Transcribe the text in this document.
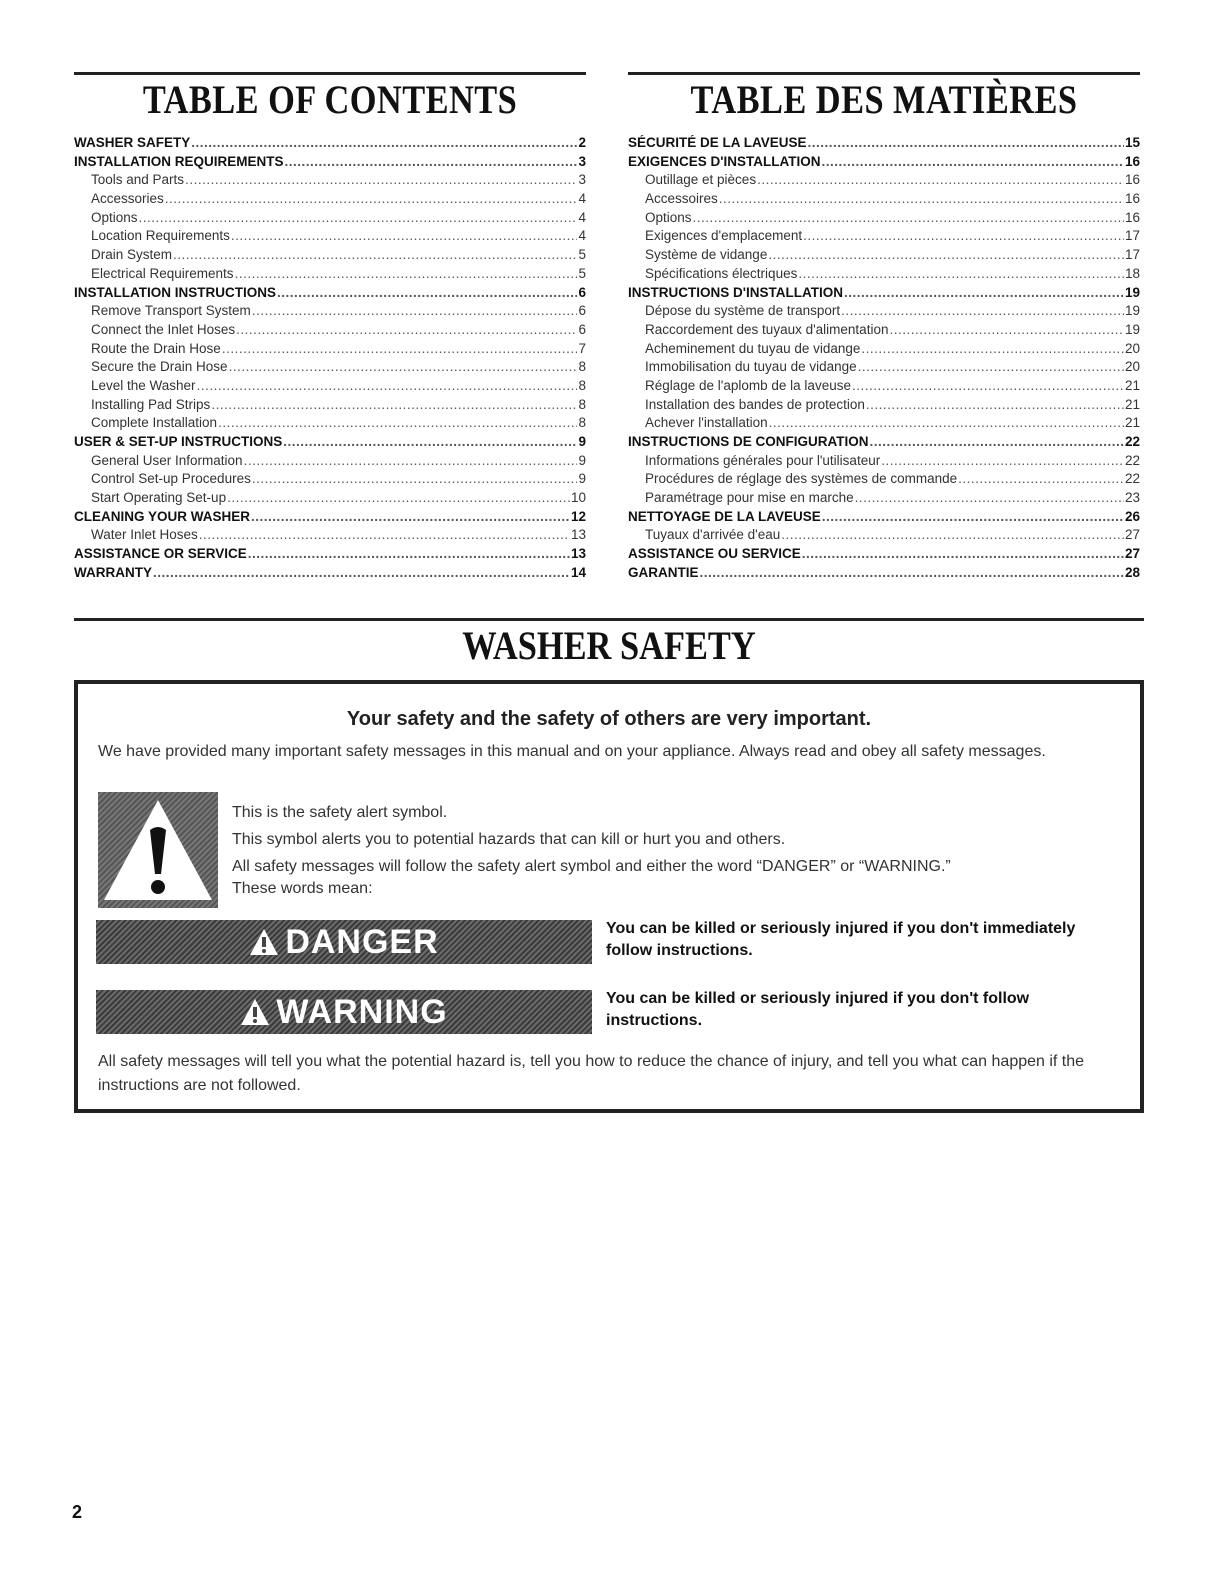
TABLE OF CONTENTS
WASHER SAFETY .....	2
INSTALLATION REQUIREMENTS .....	3
Tools and Parts .....	3
Accessories .....	4
Options .....	4
Location Requirements .....	4
Drain System .....	5
Electrical Requirements .....	5
INSTALLATION INSTRUCTIONS .....	6
Remove Transport System .....	6
Connect the Inlet Hoses .....	6
Route the Drain Hose .....	7
Secure the Drain Hose .....	8
Level the Washer .....	8
Installing Pad Strips .....	8
Complete Installation .....	8
USER & SET-UP INSTRUCTIONS .....	9
General User Information .....	9
Control Set-up Procedures .....	9
Start Operating Set-up .....	10
CLEANING YOUR WASHER .....	12
Water Inlet Hoses .....	13
ASSISTANCE OR SERVICE .....	13
WARRANTY .....	14
TABLE DES MATIÈRES
SÉCURITÉ DE LA LAVEUSE .....	15
EXIGENCES D'INSTALLATION .....	16
Outillage et pièces .....	16
Accessoires .....	16
Options .....	16
Exigences d'emplacement .....	17
Système de vidange .....	17
Spécifications électriques .....	18
INSTRUCTIONS D'INSTALLATION .....	19
Dépose du système de transport .....	19
Raccordement des tuyaux d'alimentation .....	19
Acheminement du tuyau de vidange .....	20
Immobilisation du tuyau de vidange .....	20
Réglage de l'aplomb de la laveuse .....	21
Installation des bandes de protection .....	21
Achever l'installation .....	21
INSTRUCTIONS DE CONFIGURATION .....	22
Informations générales pour l'utilisateur .....	22
Procédures de réglage des systèmes de commande .....	22
Paramétrage pour mise en marche .....	23
NETTOYAGE DE LA LAVEUSE .....	26
Tuyaux d'arrivée d'eau .....	27
ASSISTANCE OU SERVICE .....	27
GARANTIE .....	28
WASHER SAFETY
Your safety and the safety of others are very important.
We have provided many important safety messages in this manual and on your appliance. Always read and obey all safety messages.
This is the safety alert symbol.
This symbol alerts you to potential hazards that can kill or hurt you and others.
All safety messages will follow the safety alert symbol and either the word “DANGER” or “WARNING.”
These words mean:
DANGER	You can be killed or seriously injured if you don't immediately follow instructions.
WARNING	You can be killed or seriously injured if you don't follow instructions.
All safety messages will tell you what the potential hazard is, tell you how to reduce the chance of injury, and tell you what can happen if the instructions are not followed.
2
